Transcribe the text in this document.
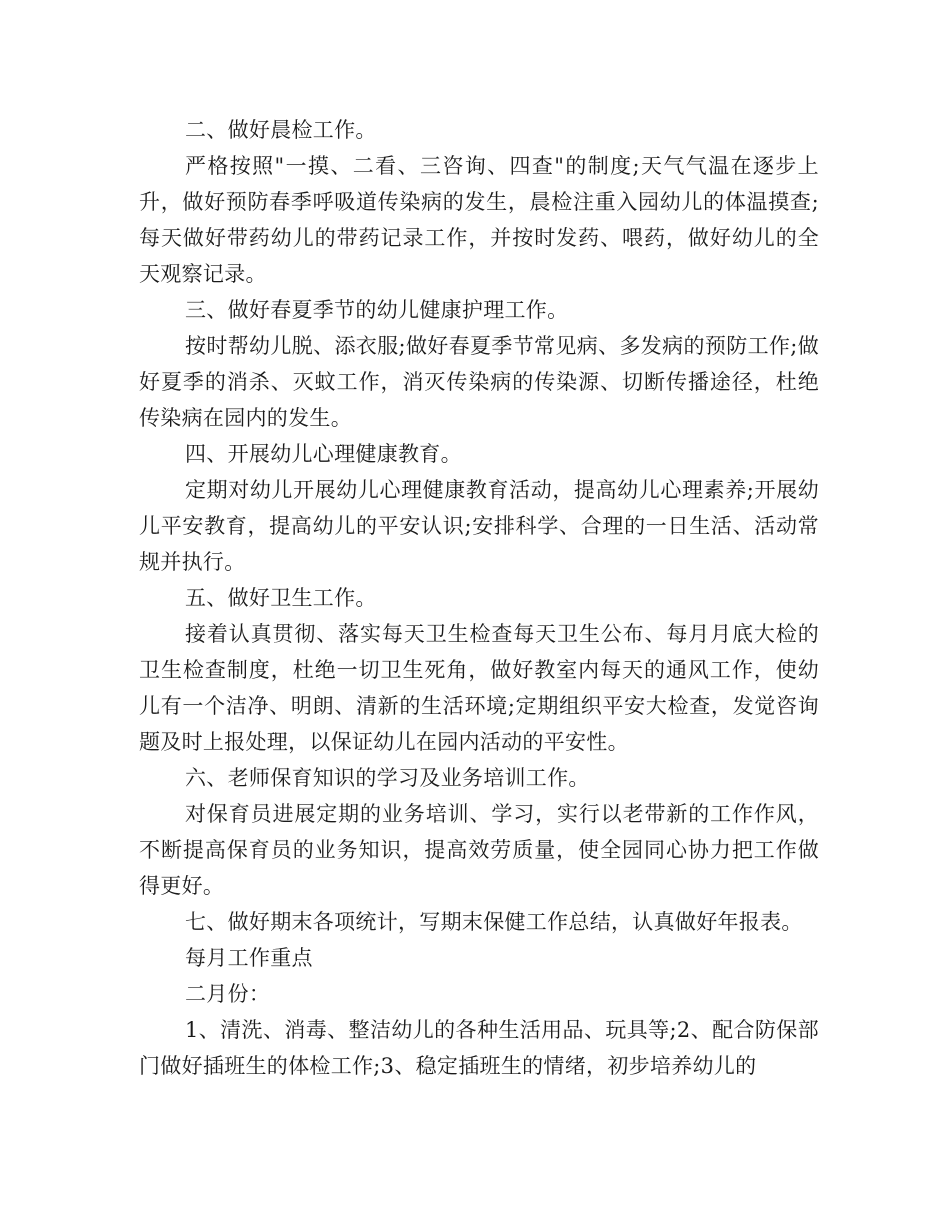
二、做好晨检工作。

严格按照"一摸、二看、三咨询、四查"的制度;天气气温在逐步上升，做好预防春季呼吸道传染病的发生，晨检注重入园幼儿的体温摸查;每天做好带药幼儿的带药记录工作，并按时发药、喂药，做好幼儿的全天观察记录。

三、做好春夏季节的幼儿健康护理工作。

按时帮幼儿脱、添衣服;做好春夏季节常见病、多发病的预防工作;做好夏季的消杀、灭蚊工作，消灭传染病的传染源、切断传播途径，杜绝传染病在园内的发生。

四、开展幼儿心理健康教育。

定期对幼儿开展幼儿心理健康教育活动，提高幼儿心理素养;开展幼儿平安教育，提高幼儿的平安认识;安排科学、合理的一日生活、活动常规并执行。

五、做好卫生工作。

接着认真贯彻、落实每天卫生检查每天卫生公布、每月月底大检的卫生检查制度，杜绝一切卫生死角，做好教室内每天的通风工作，使幼儿有一个洁净、明朗、清新的生活环境;定期组织平安大检查，发觉咨询题及时上报处理，以保证幼儿在园内活动的平安性。

六、老师保育知识的学习及业务培训工作。

对保育员进展定期的业务培训、学习，实行以老带新的工作作风，不断提高保育员的业务知识，提高效劳质量，使全园同心协力把工作做得更好。

七、做好期末各项统计，写期末保健工作总结，认真做好年报表。

每月工作重点

二月份：

1、清洗、消毒、整洁幼儿的各种生活用品、玩具等;2、配合防保部门做好插班生的体检工作;3、稳定插班生的情绪，初步培养幼儿的
